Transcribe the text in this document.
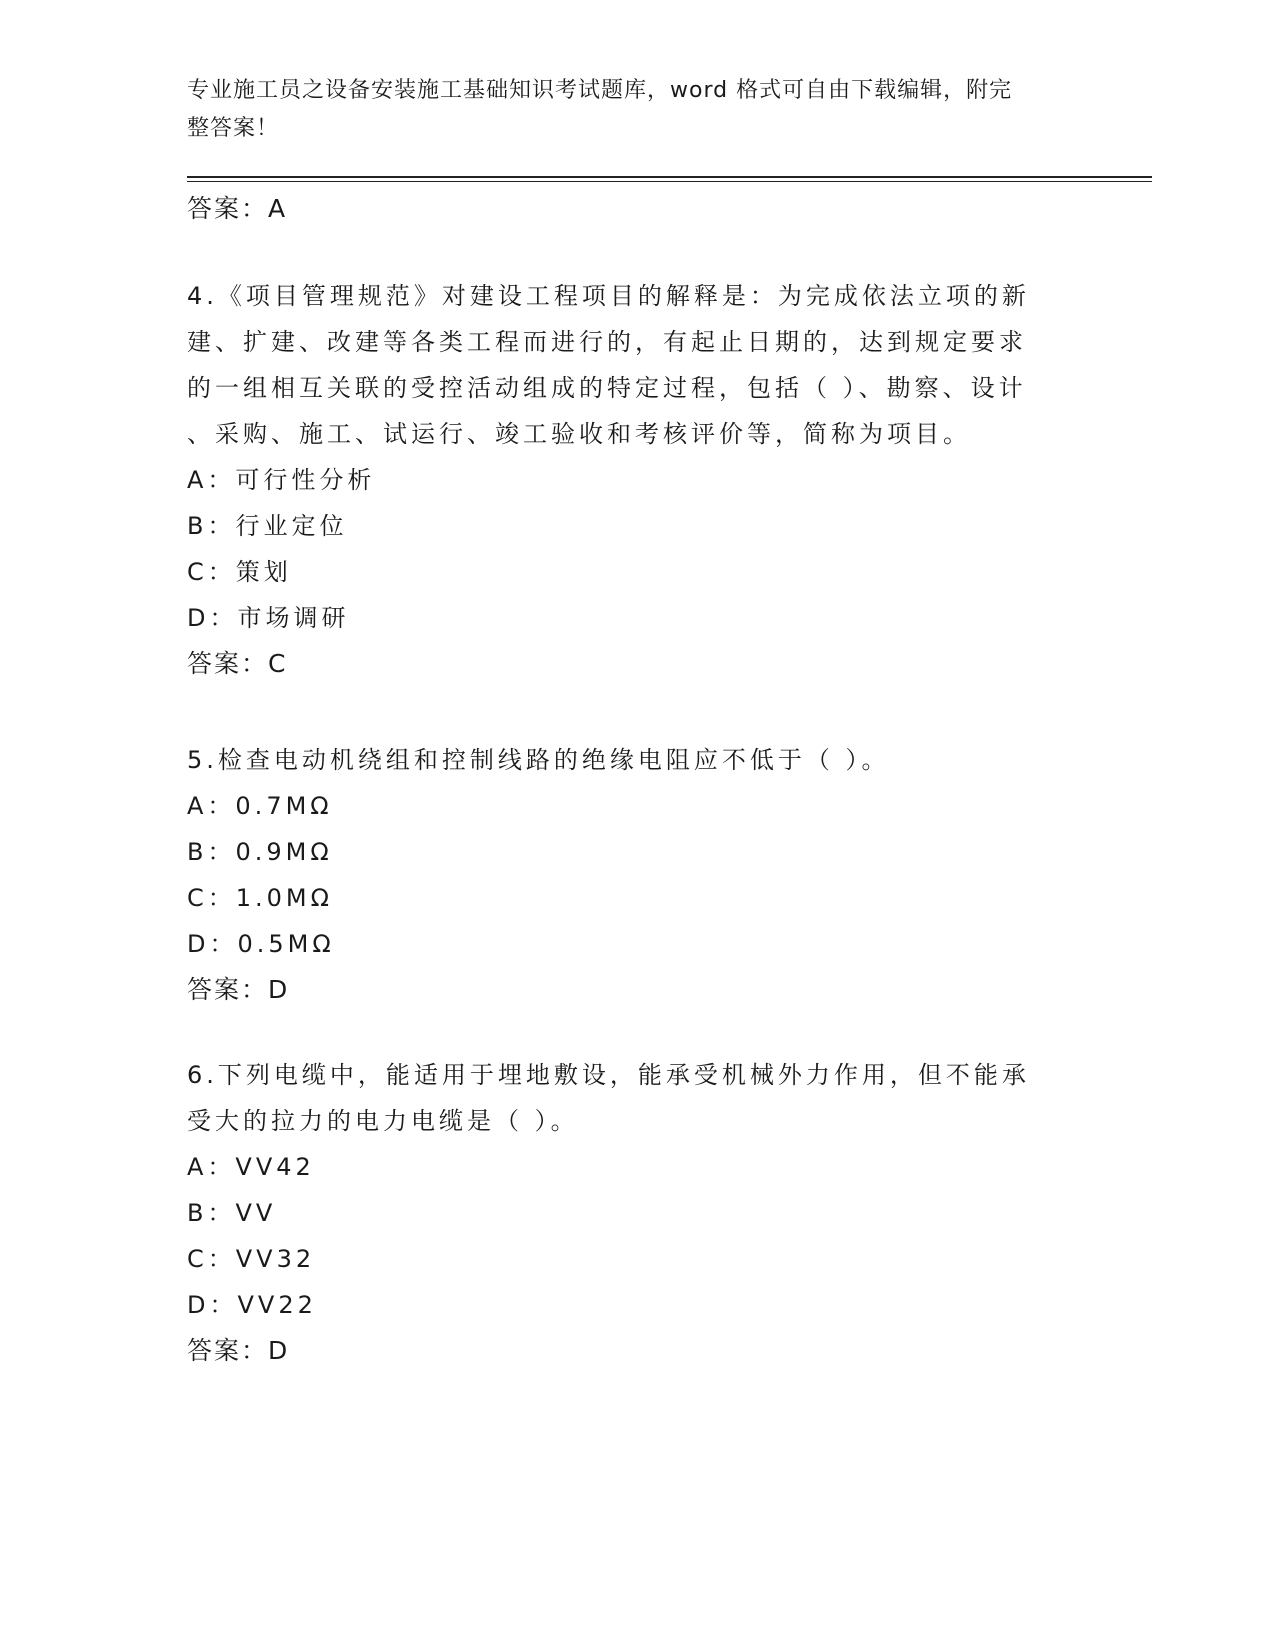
专业施工员之设备安装施工基础知识考试题库，word 格式可自由下载编辑，附完
整答案！
答案：A
4.《项目管理规范》对建设工程项目的解释是：为完成依法立项的新
建、扩建、改建等各类工程而进行的，有起止日期的，达到规定要求
的一组相互关联的受控活动组成的特定过程，包括（ ）、勘察、设计
、采购、施工、试运行、竣工验收和考核评价等，简称为项目。
A：可行性分析
B：行业定位
C：策划
D：市场调研
答案：C
5.检查电动机绕组和控制线路的绝缘电阻应不低于（ ）。
A：0.7MΩ
B：0.9MΩ
C：1.0MΩ
D：0.5MΩ
答案：D
6.下列电缆中，能适用于埋地敷设，能承受机械外力作用，但不能承
受大的拉力的电力电缆是（ ）。
A：VV42
B：VV
C：VV32
D：VV22
答案：D
